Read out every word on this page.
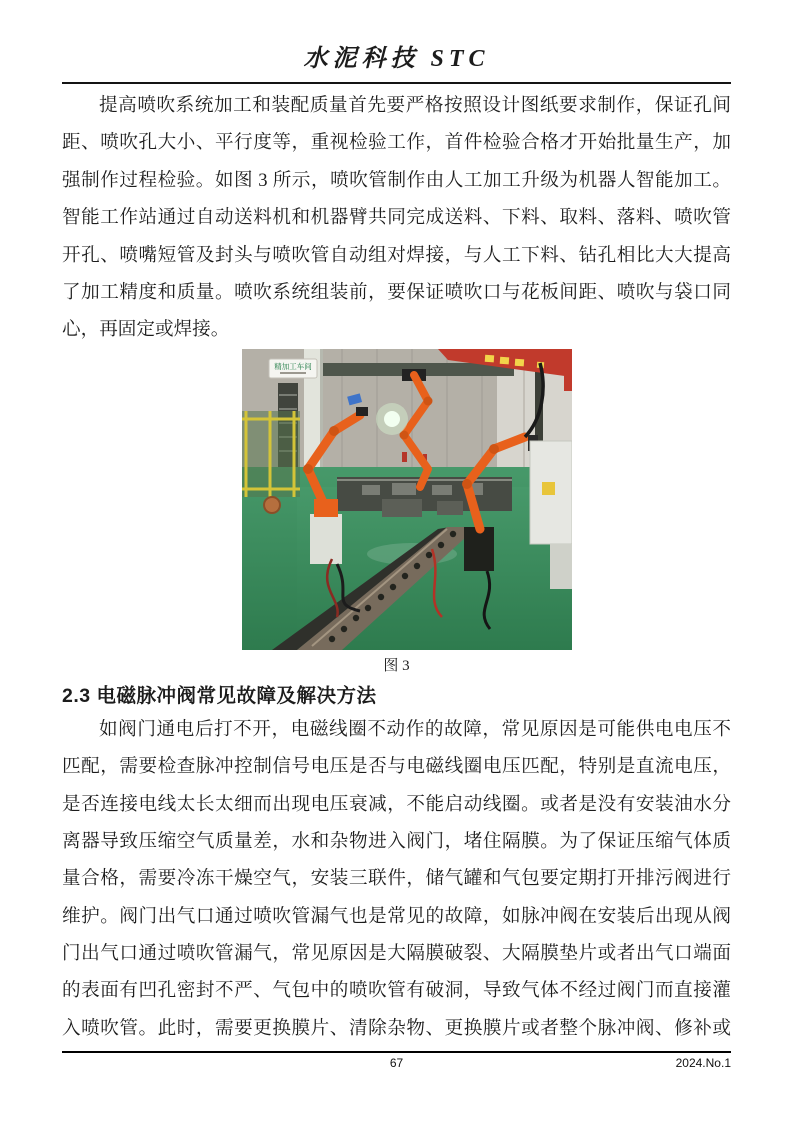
水泥科技 STC
提高喷吹系统加工和装配质量首先要严格按照设计图纸要求制作，保证孔间
距、喷吹孔大小、平行度等，重视检验工作，首件检验合格才开始批量生产，加
强制作过程检验。如图 3 所示，喷吹管制作由人工加工升级为机器人智能加工。
智能工作站通过自动送料机和机器臂共同完成送料、下料、取料、落料、喷吹管
开孔、喷嘴短管及封头与喷吹管自动组对焊接，与人工下料、钻孔相比大大提高
了加工精度和质量。喷吹系统组装前，要保证喷吹口与花板间距、喷吹与袋口同
心，再固定或焊接。
精加工车间
图 3
2.3 电磁脉冲阀常见故障及解决方法
如阀门通电后打不开，电磁线圈不动作的故障，常见原因是可能供电电压不
匹配，需要检查脉冲控制信号电压是否与电磁线圈电压匹配，特别是直流电压，
是否连接电线太长太细而出现电压衰减，不能启动线圈。或者是没有安装油水分
离器导致压缩空气质量差，水和杂物进入阀门，堵住隔膜。为了保证压缩气体质
量合格，需要冷冻干燥空气，安装三联件，储气罐和气包要定期打开排污阀进行
维护。阀门出气口通过喷吹管漏气也是常见的故障，如脉冲阀在安装后出现从阀
门出气口通过喷吹管漏气，常见原因是大隔膜破裂、大隔膜垫片或者出气口端面
的表面有凹孔密封不严、气包中的喷吹管有破洞，导致气体不经过阀门而直接灌
入喷吹管。此时，需要更换膜片、清除杂物、更换膜片或者整个脉冲阀、修补或
67	2024.No.1
